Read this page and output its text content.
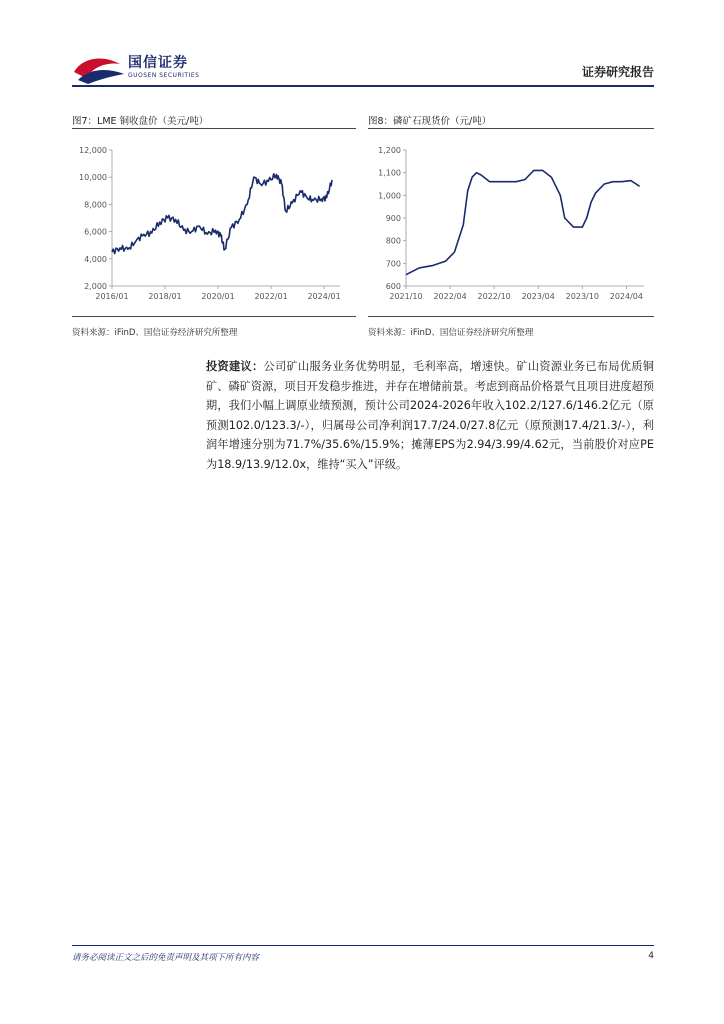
国信证券
GUOSEN SECURITIES	证券研究报告
图7：LME 铜收盘价（美元/吨）
2,000
4,000
6,000
8,000
10,000
12,000
2016/01 2018/01 2020/01 2022/01 2024/01
资料来源：iFinD、国信证券经济研究所整理
图8：磷矿石现货价（元/吨）
600
700
800
900
1,000
1,100
1,200
2021/10 2022/04 2022/10 2023/04 2023/10 2024/04
资料来源：iFinD、国信证券经济研究所整理
投资建议：公司矿山服务业务优势明显，毛利率高，增速快。矿山资源业务已布局优质铜矿、磷矿资源，项目开发稳步推进，并存在增储前景。考虑到商品价格景气且项目进度超预期，我们小幅上调原业绩预测，预计公司2024-2026年收入102.2/127.6/146.2亿元（原预测102.0/123.3/-），归属母公司净利润17.7/24.0/27.8亿元（原预测17.4/21.3/-），利润年增速分别为71.7%/35.6%/15.9%；摊薄EPS为2.94/3.99/4.62元，当前股价对应PE为18.9/13.9/12.0x，维持“买入”评级。
请务必阅读正文之后的免责声明及其项下所有内容	4
